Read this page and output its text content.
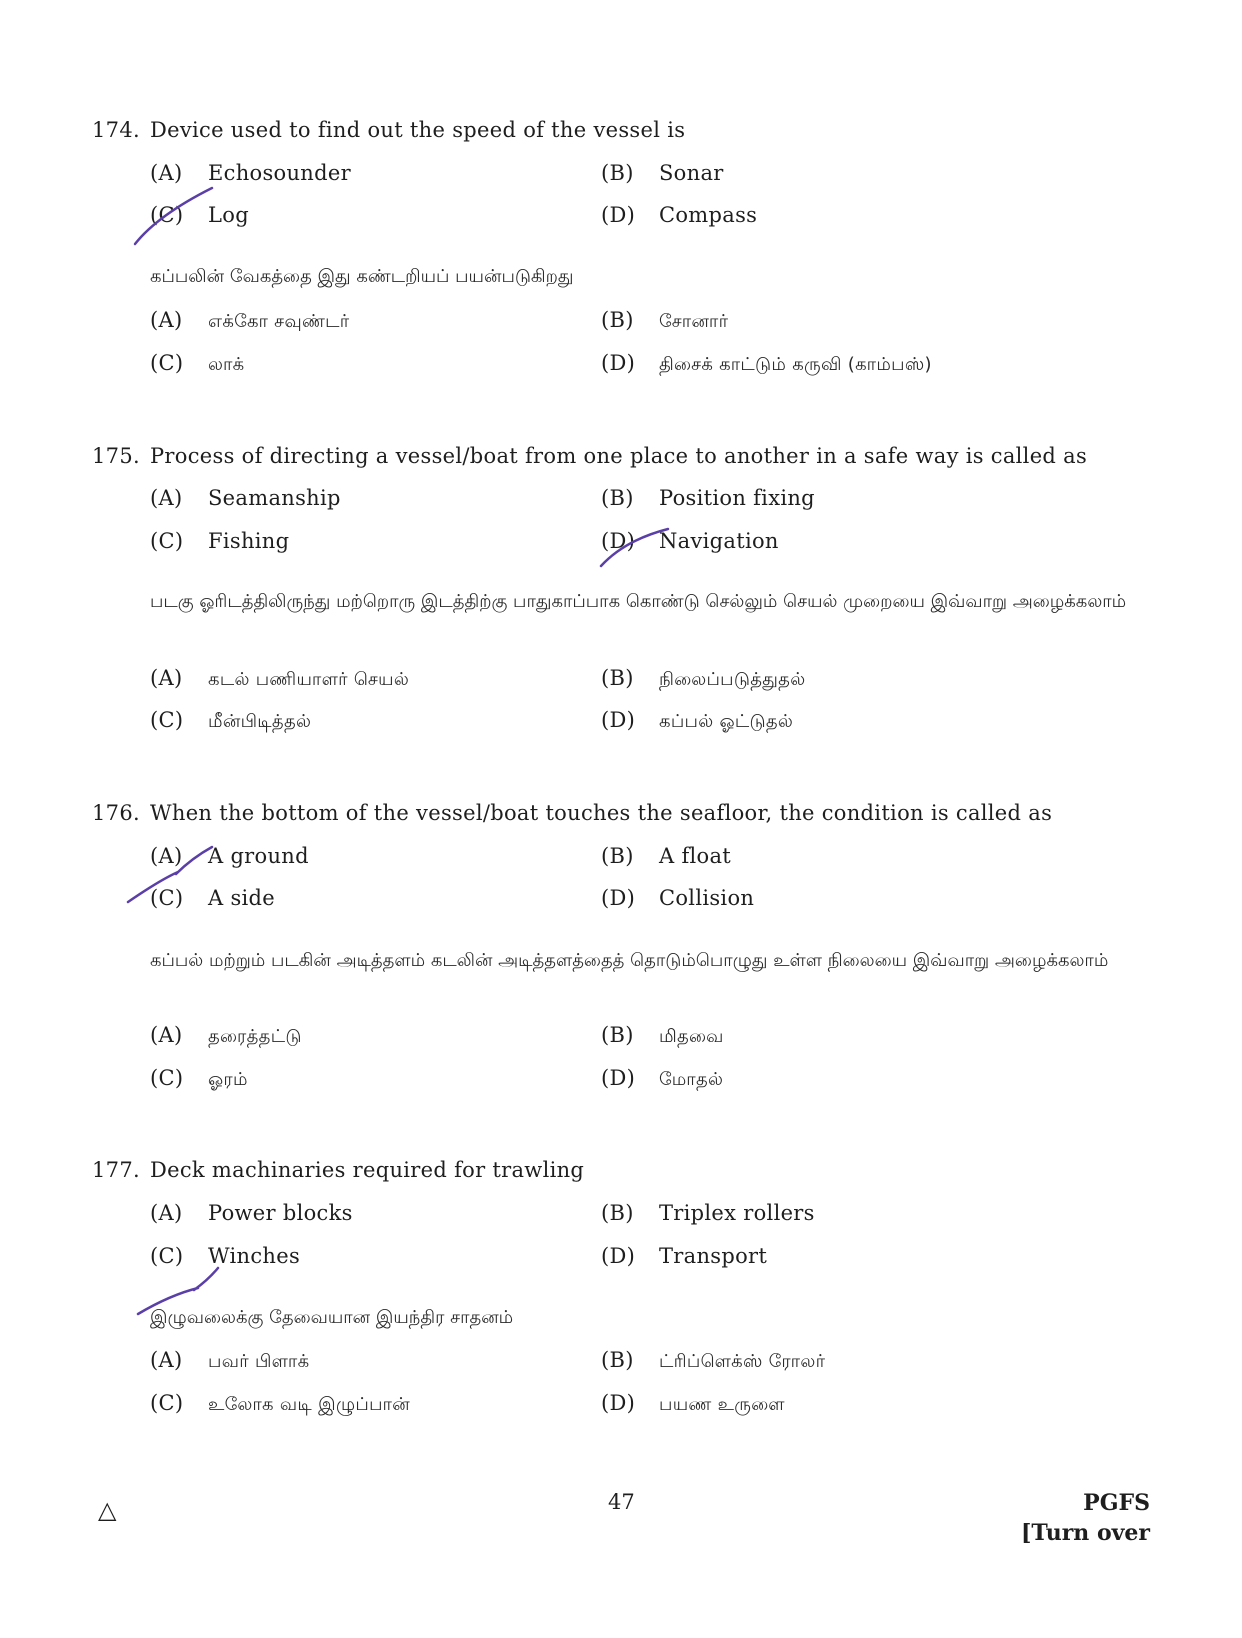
174. Device used to find out the speed of the vessel is
(A) Echosounder	(B) Sonar
(C) Log	(D) Compass
கப்பலின் வேகத்தை இது கண்டறியப் பயன்படுகிறது
(A) எக்கோ சவுண்டர்	(B) சோனார்
(C) லாக்	(D) திசைக் காட்டும் கருவி (காம்பஸ்)
175. Process of directing a vessel/boat from one place to another in a safe way is called as
(A) Seamanship	(B) Position fixing
(C) Fishing	(D) Navigation
படகு ஓரிடத்திலிருந்து மற்றொரு இடத்திற்கு பாதுகாப்பாக கொண்டு செல்லும் செயல் முறையை இவ்வாறு அழைக்கலாம்
(A) கடல் பணியாளர் செயல்	(B) நிலைப்படுத்துதல்
(C) மீன்பிடித்தல்	(D) கப்பல் ஓட்டுதல்
176. When the bottom of the vessel/boat touches the seafloor, the condition is called as
(A) A ground	(B) A float
(C) A side	(D) Collision
கப்பல் மற்றும் படகின் அடித்தளம் கடலின் அடித்தளத்தைத் தொடும்பொழுது உள்ள நிலையை இவ்வாறு அழைக்கலாம்
(A) தரைத்தட்டு	(B) மிதவை
(C) ஓரம்	(D) மோதல்
177. Deck machinaries required for trawling
(A) Power blocks	(B) Triplex rollers
(C) Winches	(D) Transport
இழுவலைக்கு தேவையான இயந்திர சாதனம்
(A) பவர் பிளாக்	(B) ட்ரிப்ளெக்ஸ் ரோலர்
(C) உலோக வடி இழுப்பான்	(D) பயண உருளை
△	47	PGFS
[Turn over
